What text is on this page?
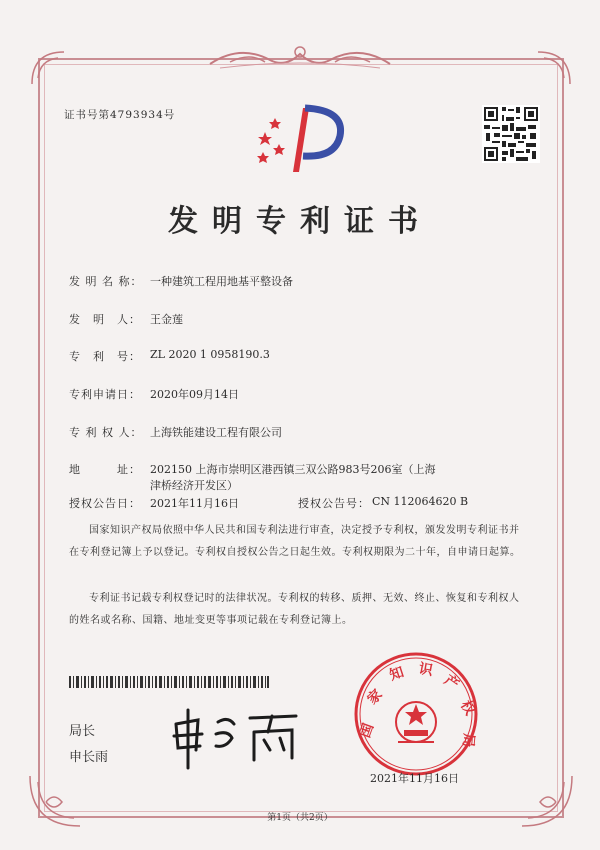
证书号第4793934号
发明专利证书
发 明 名 称： 一种建筑工程用地基平整设备
发　明　人： 王金莲
专　利　号： ZL 2020 1 0958190.3
专利申请日： 2020年09月14日
专 利 权 人： 上海铁能建设工程有限公司
地　　　址： 202150 上海市崇明区港西镇三双公路983号206室（上海
津桥经济开发区）
授权公告日： 2021年11月16日	授权公告号： CN 112064620 B
国家知识产权局依照中华人民共和国专利法进行审查，决定授予专利权，颁发发明专利证书并在专利登记簿上予以登记。专利权自授权公告之日起生效。专利权期限为二十年，自申请日起算。
专利证书记载专利权登记时的法律状况。专利权的转移、质押、无效、终止、恢复和专利权人的姓名或名称、国籍、地址变更等事项记载在专利登记簿上。
局长
申长雨
国
家
知 识
产
权
局
2021年11月16日
第1页（共2页）
